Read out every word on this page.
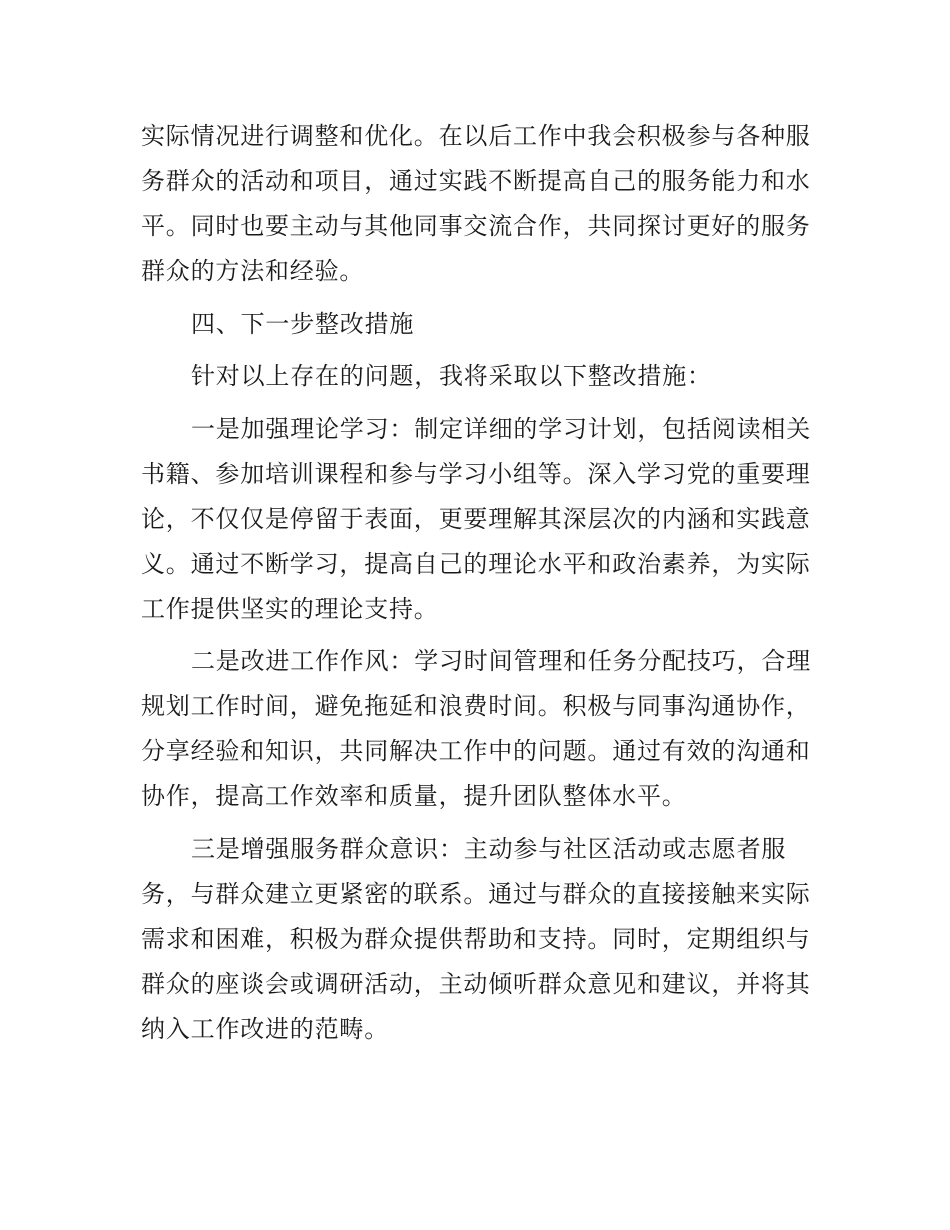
实际情况进行调整和优化。在以后工作中我会积极参与各种服
务群众的活动和项目，通过实践不断提高自己的服务能力和水
平。同时也要主动与其他同事交流合作，共同探讨更好的服务
群众的方法和经验。

四、下一步整改措施

针对以上存在的问题，我将采取以下整改措施：

一是加强理论学习：制定详细的学习计划，包括阅读相关
书籍、参加培训课程和参与学习小组等。深入学习党的重要理
论，不仅仅是停留于表面，更要理解其深层次的内涵和实践意
义。通过不断学习，提高自己的理论水平和政治素养，为实际
工作提供坚实的理论支持。

二是改进工作作风：学习时间管理和任务分配技巧，合理
规划工作时间，避免拖延和浪费时间。积极与同事沟通协作，
分享经验和知识，共同解决工作中的问题。通过有效的沟通和
协作，提高工作效率和质量，提升团队整体水平。

三是增强服务群众意识：主动参与社区活动或志愿者服
务，与群众建立更紧密的联系。通过与群众的直接接触来实际
需求和困难，积极为群众提供帮助和支持。同时，定期组织与
群众的座谈会或调研活动，主动倾听群众意见和建议，并将其
纳入工作改进的范畴。
